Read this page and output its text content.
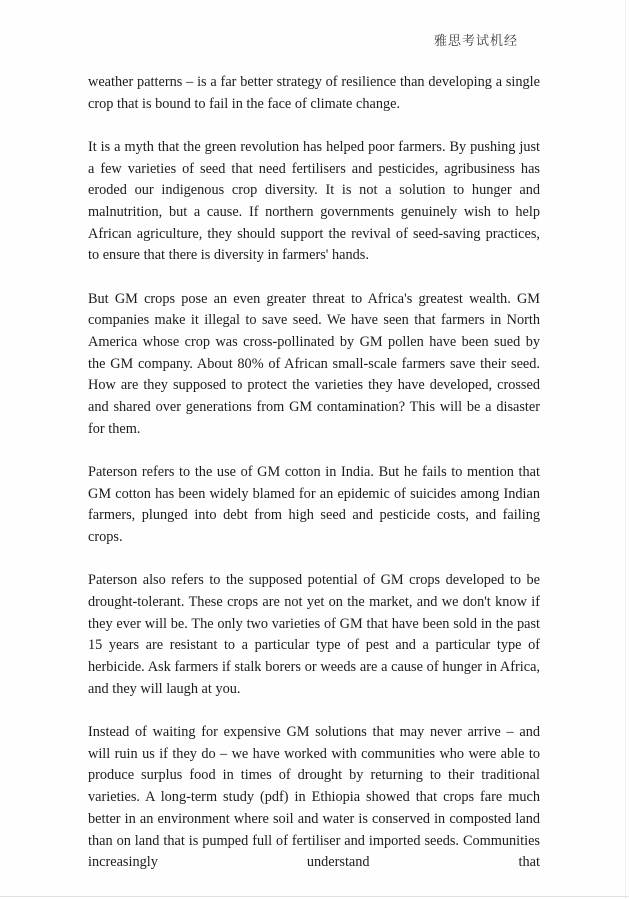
雅思考试机经

weather patterns – is a far better strategy of resilience than developing a single crop that is bound to fail in the face of climate change.

It is a myth that the green revolution has helped poor farmers. By pushing just a few varieties of seed that need fertilisers and pesticides, agribusiness has eroded our indigenous crop diversity. It is not a solution to hunger and malnutrition, but a cause. If northern governments genuinely wish to help African agriculture, they should support the revival of seed-saving practices, to ensure that there is diversity in farmers' hands.

But GM crops pose an even greater threat to Africa's greatest wealth. GM companies make it illegal to save seed. We have seen that farmers in North America whose crop was cross-pollinated by GM pollen have been sued by the GM company. About 80% of African small-scale farmers save their seed. How are they supposed to protect the varieties they have developed, crossed and shared over generations from GM contamination? This will be a disaster for them.

Paterson refers to the use of GM cotton in India. But he fails to mention that GM cotton has been widely blamed for an epidemic of suicides among Indian farmers, plunged into debt from high seed and pesticide costs, and failing crops.

Paterson also refers to the supposed potential of GM crops developed to be drought-tolerant. These crops are not yet on the market, and we don't know if they ever will be. The only two varieties of GM that have been sold in the past 15 years are resistant to a particular type of pest and a particular type of herbicide. Ask farmers if stalk borers or weeds are a cause of hunger in Africa, and they will laugh at you.

Instead of waiting for expensive GM solutions that may never arrive – and will ruin us if they do – we have worked with communities who were able to produce surplus food in times of drought by returning to their traditional varieties. A long-term study (pdf) in Ethiopia showed that crops fare much better in an environment where soil and water is conserved in composted land than on land that is pumped full of fertiliser and imported seeds. Communities increasingly understand that
